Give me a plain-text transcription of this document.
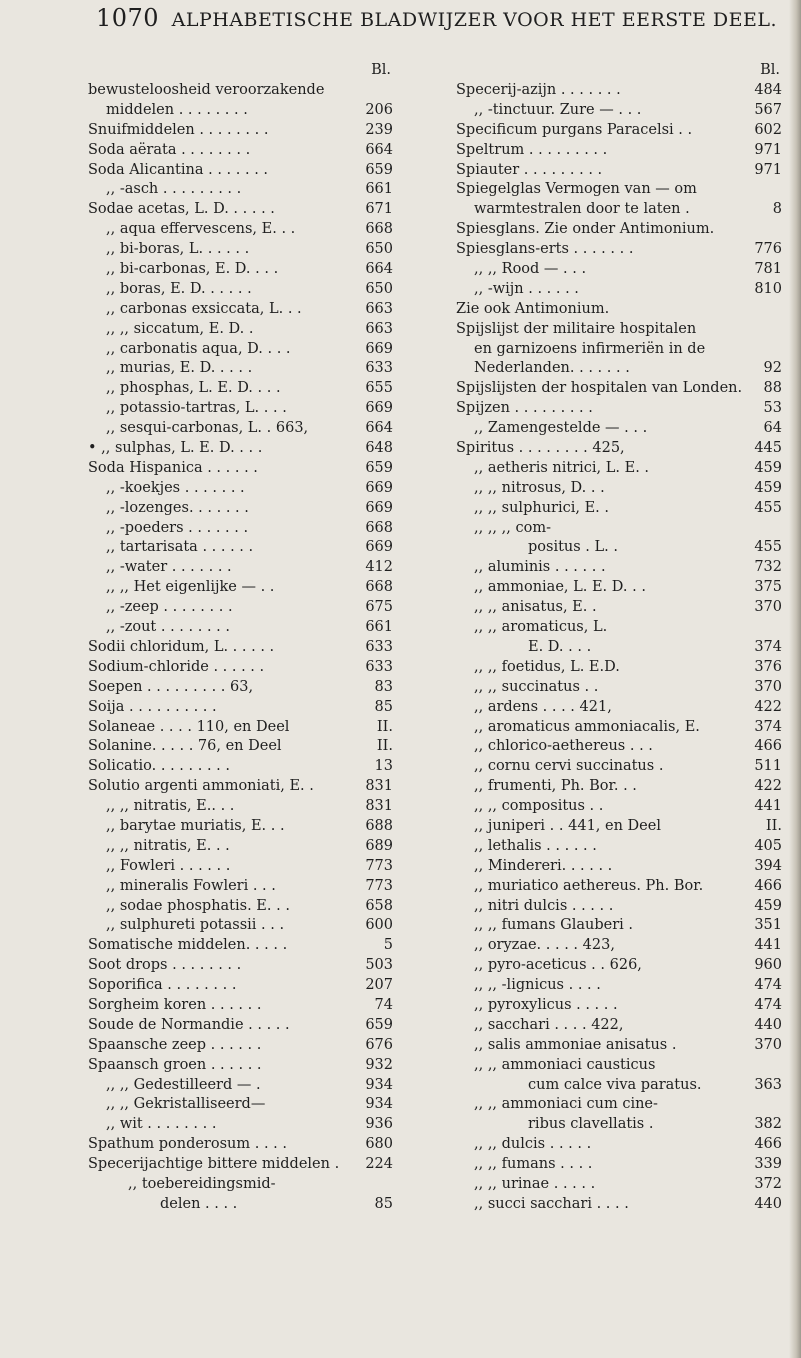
1070 ALPHABETISCHE BLADWIJZER VOOR HET EERSTE DEEL.
Bl.
bewusteloosheid veroorzakende
middelen . . . . . . . .	206
Snuifmiddelen . . . . . . . .	239
Soda aërata . . . . . . . .	664
Soda Alicantina . . . . . . .	659
,, -asch . . . . . . . . .	661
Sodae acetas, L. D. . . . . .	671
,, aqua effervescens, E. . .	668
,, bi-boras, L. . . . . .	650
,, bi-carbonas, E. D. . . .	664
,, boras, E. D. . . . . .	650
,, carbonas exsiccata, L. . .	663
,, ,, siccatum, E. D. .	663
,, carbonatis aqua, D. . . .	669
,, murias, E. D. . . . .	633
,, phosphas, L. E. D. . . .	655
,, potassio-tartras, L. . . .	669
,, sesqui-carbonas, L. . 663,	664
• ,, sulphas, L. E. D. . . .	648
Soda Hispanica . . . . . .	659
,, -koekjes . . . . . . .	669
,, -lozenges. . . . . . .	669
,, -poeders . . . . . . .	668
,, tartarisata . . . . . .	669
,, -water . . . . . . .	412
,, ,, Het eigenlijke — . .	668
,, -zeep . . . . . . . .	675
,, -zout . . . . . . . .	661
Sodii chloridum, L. . . . . .	633
Sodium-chloride . . . . . .	633
Soepen . . . . . . . . . 63,	83
Soija . . . . . . . . . .	85
Solaneae . . . . 110, en Deel	II.
Solanine. . . . . 76, en Deel	II.
Solicatio. . . . . . . . .	13
Solutio argenti ammoniati, E. .	831
,, ,, nitratis, E.. . .	831
,, barytae muriatis, E. . .	688
,, ,, nitratis, E. . .	689
,, Fowleri . . . . . .	773
,, mineralis Fowleri . . .	773
,, sodae phosphatis. E. . .	658
,, sulphureti potassii . . .	600
Somatische middelen. . . . .	5
Soot drops . . . . . . . .	503
Soporifica . . . . . . . .	207
Sorgheim koren . . . . . .	74
Soude de Normandie . . . . .	659
Spaansche zeep . . . . . .	676
Spaansch groen . . . . . .	932
,, ,, Gedestilleerd — .	934
,, ,, Gekristalliseerd—	934
,, wit . . . . . . . .	936
Spathum ponderosum . . . .	680
Specerijachtige bittere middelen . 224
,, toebereidingsmid-
delen . . . .	85
Bl.
Specerij-azijn . . . . . . .	484
,, -tinctuur. Zure — . . .	567
Specificum purgans Paracelsi . .	602
Speltrum . . . . . . . . .	971
Spiauter . . . . . . . . .	971
Spiegelglas Vermogen van — om
warmtestralen door te laten .	8
Spiesglans. Zie onder Antimonium.
Spiesglans-erts . . . . . . .	776
,, ,, Rood — . . .	781
,, -wijn . . . . . .	810
Zie ook Antimonium.
Spijslijst der militaire hospitalen
en garnizoens infirmeriën in de
Nederlanden. . . . . . .	92
Spijslijsten der hospitalen van Londen. 88
Spijzen . . . . . . . . .	53
,, Zamengestelde — . . .	64
Spiritus . . . . . . . . 425,	445
,, aetheris nitrici, L. E. .	459
,, ,, nitrosus, D. . .	459
,, ,, sulphurici, E. .	455
,, ,, ,, com-
positus . L. .	455
,, aluminis . . . . . .	732
,, ammoniae, L. E. D. . .	375
,, ,, anisatus, E. .	370
,, ,, aromaticus, L.
E. D. . . .	374
,, ,, foetidus, L. E.D.	376
,, ,, succinatus . .	370
,, ardens . . . . 421,	422
,, aromaticus ammoniacalis, E.	374
,, chlorico-aethereus . . .	466
,, cornu cervi succinatus .	511
,, frumenti, Ph. Bor. . .	422
,, ,, compositus . .	441
,, juniperi . . 441, en Deel	II.
,, lethalis . . . . . .	405
,, Mindereri. . . . . .	394
,, muriatico aethereus. Ph. Bor.	466
,, nitri dulcis . . . . .	459
,, ,, fumans Glauberi .	351
,, oryzae. . . . . 423,	441
,, pyro-aceticus . . 626,	960
,, ,, -lignicus . . . .	474
,, pyroxylicus . . . . .	474
,, sacchari . . . . 422,	440
,, salis ammoniae anisatus .	370
,, ,, ammoniaci causticus
cum calce viva paratus.	363
,, ,, ammoniaci cum cine-
ribus clavellatis .	382
,, ,, dulcis . . . . .	466
,, ,, fumans . . . .	339
,, ,, urinae . . . . .	372
,, succi sacchari . . . .	440
